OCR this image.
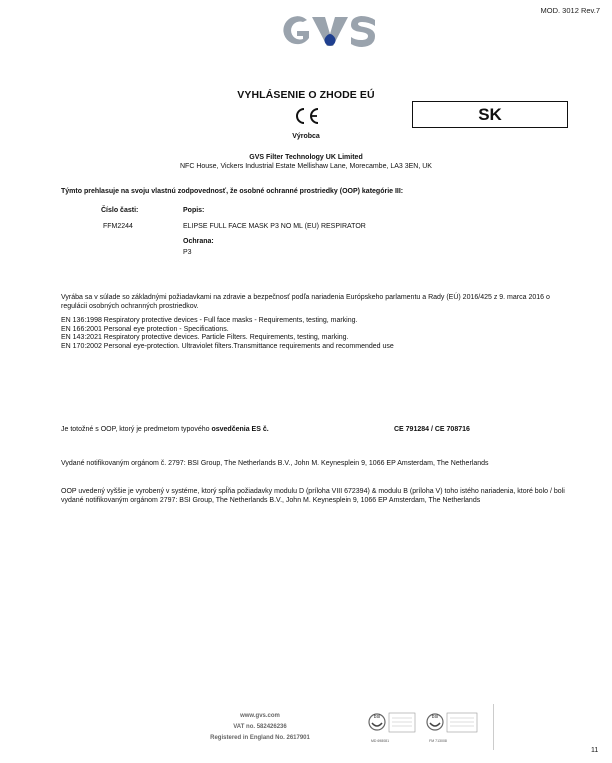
MOD. 3012 Rev.7
VYHLÁSENIE O ZHODE EÚ
SK
Výrobca
GVS Filter Technology UK Limited
NFC House, Vickers Industrial Estate Mellishaw Lane, Morecambe, LA3 3EN, UK
Týmto prehlasuje na svoju vlastnú zodpovednosť, že osobné ochranné prostriedky (OOP) kategórie III:
Číslo časti:	Popis:
FFM2244	ELIPSE FULL FACE MASK P3 NO ML (EU) RESPIRATOR
Ochrana:
P3
Vyrába sa v súlade so základnými požiadavkami na zdravie a bezpečnosť podľa nariadenia Európskeho parlamentu a Rady (EÚ) 2016/425 z 9. marca 2016 o regulácii osobných ochranných prostriedkov.
EN 136:1998 Respiratory protective devices - Full face masks - Requirements, testing, marking.
EN 166:2001 Personal eye protection - Specifications.
EN 143:2021 Respiratory protective devices. Particle Filters. Requirements, testing, marking.
EN 170:2002 Personal eye-protection. Ultraviolet filters.Transmittance requirements and recommended use
Je totožné s OOP, ktorý je predmetom typového osvedčenia ES č.	CE 791284 / CE 708716
Vydané notifikovaným orgánom č. 2797: BSI Group, The Netherlands B.V., John M. Keynesplein 9, 1066 EP Amsterdam, The Netherlands
OOP uvedený vyššie je vyrobený v systéme, ktorý spĺňa požiadavky modulu D (príloha VIII 672394) & modulu B (príloha V) toho istého nariadenia, ktoré bolo / boli vydané notifikovaným orgánom 2797: BSI Group, The Netherlands B.V., John M. Keynesplein 9, 1066 EP Amsterdam, The Netherlands
www.gvs.com
VAT no. 582426236
Registered in England No. 2617901
bsi
MD 698081
bsi
FM 713008
11
